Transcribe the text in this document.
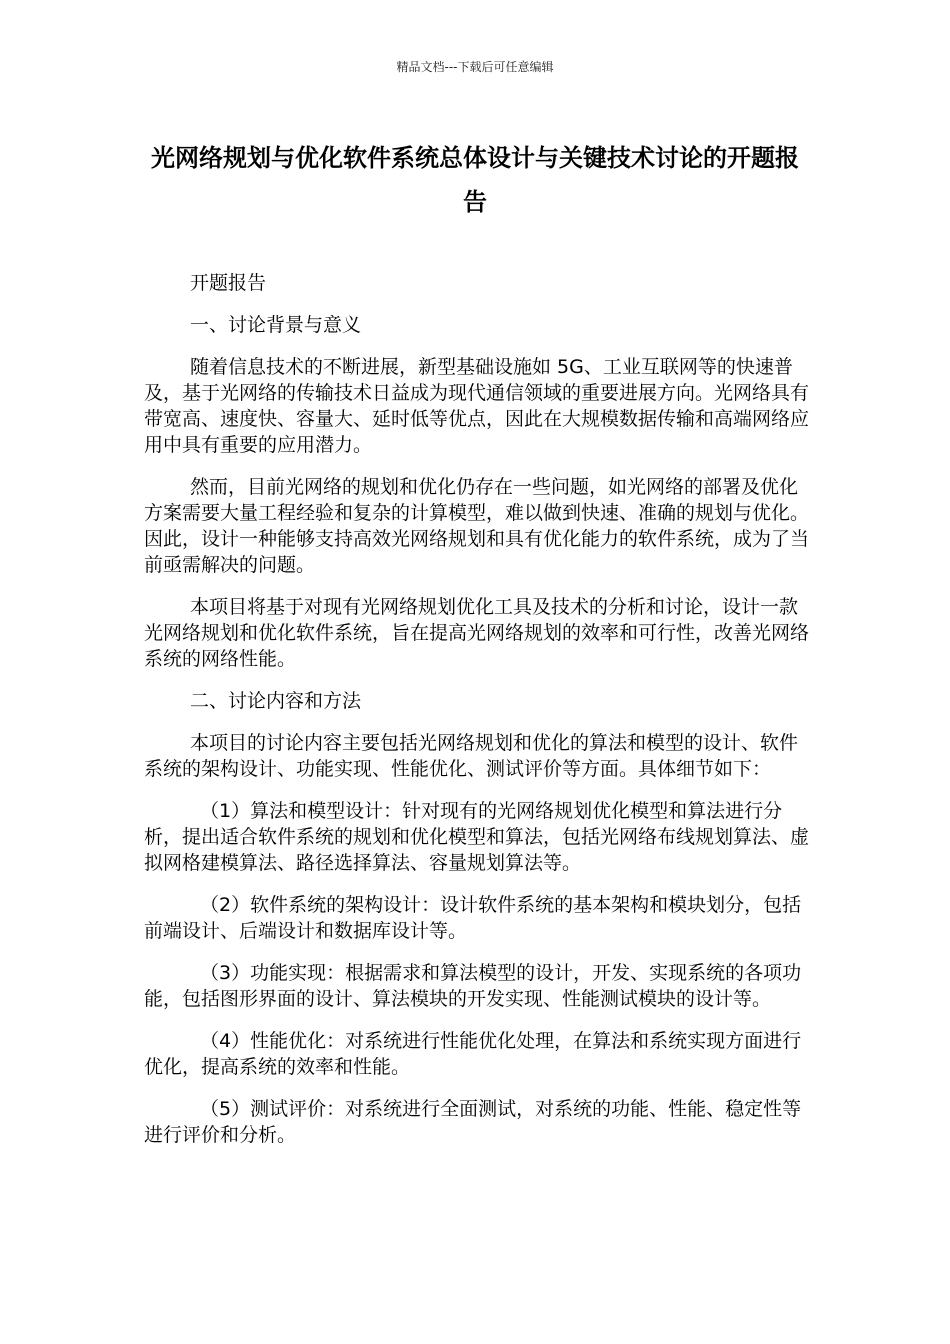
精品文档---下载后可任意编辑
光网络规划与优化软件系统总体设计与关键技术讨论的开题报告

开题报告

一、讨论背景与意义

随着信息技术的不断进展，新型基础设施如 5G、工业互联网等的快速普及，基于光网络的传输技术日益成为现代通信领域的重要进展方向。光网络具有带宽高、速度快、容量大、延时低等优点，因此在大规模数据传输和高端网络应用中具有重要的应用潜力。

然而，目前光网络的规划和优化仍存在一些问题，如光网络的部署及优化方案需要大量工程经验和复杂的计算模型，难以做到快速、准确的规划与优化。因此，设计一种能够支持高效光网络规划和具有优化能力的软件系统，成为了当前亟需解决的问题。

本项目将基于对现有光网络规划优化工具及技术的分析和讨论，设计一款光网络规划和优化软件系统，旨在提高光网络规划的效率和可行性，改善光网络系统的网络性能。

二、讨论内容和方法

本项目的讨论内容主要包括光网络规划和优化的算法和模型的设计、软件系统的架构设计、功能实现、性能优化、测试评价等方面。具体细节如下：

（1）算法和模型设计：针对现有的光网络规划优化模型和算法进行分析，提出适合软件系统的规划和优化模型和算法，包括光网络布线规划算法、虚拟网格建模算法、路径选择算法、容量规划算法等。

（2）软件系统的架构设计：设计软件系统的基本架构和模块划分，包括前端设计、后端设计和数据库设计等。

（3）功能实现：根据需求和算法模型的设计，开发、实现系统的各项功能，包括图形界面的设计、算法模块的开发实现、性能测试模块的设计等。

（4）性能优化：对系统进行性能优化处理，在算法和系统实现方面进行优化，提高系统的效率和性能。

（5）测试评价：对系统进行全面测试，对系统的功能、性能、稳定性等进行评价和分析。
